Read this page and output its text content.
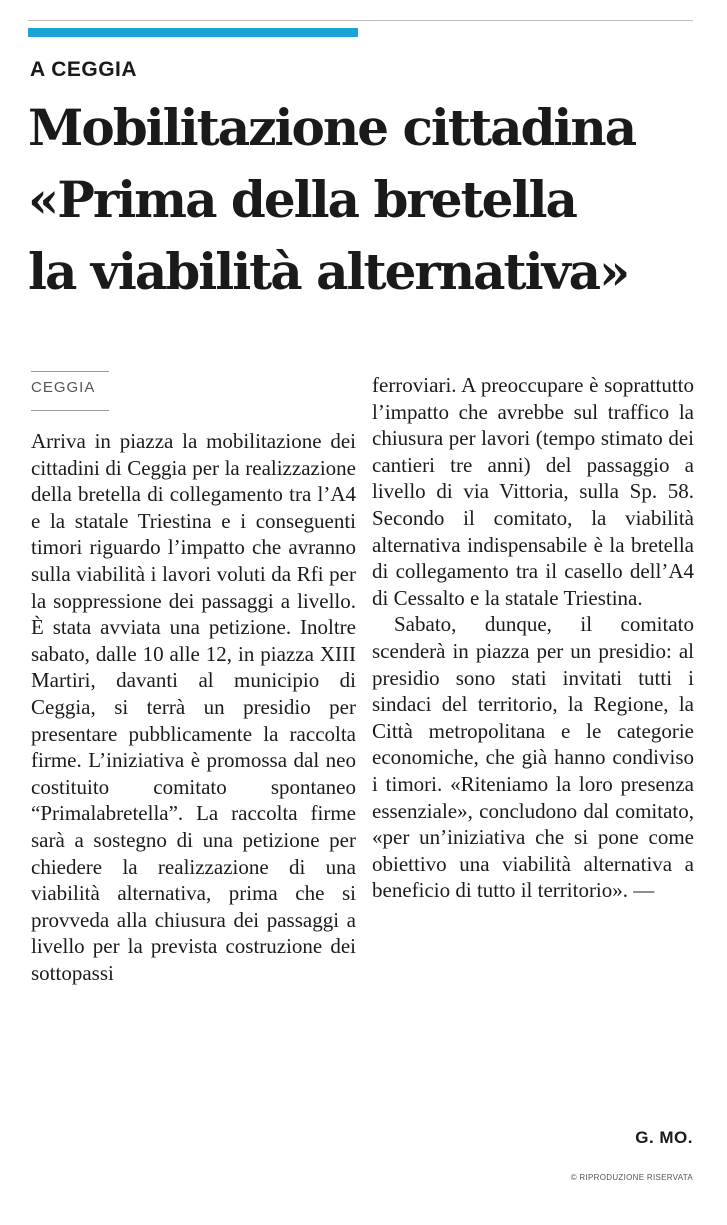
A CEGGIA
Mobilitazione cittadina
«Prima della bretella
la viabilità alternativa»
CEGGIA

Arriva in piazza la mobilitazione dei cittadini di Ceggia per la realizzazione della bretella di collegamento tra l’A4 e la statale Triestina e i conseguenti timori riguardo l’impatto che avranno sulla viabilità i lavori voluti da Rfi per la soppressione dei passaggi a livello. È stata avviata una petizione. Inoltre sabato, dalle 10 alle 12, in piazza XIII Martiri, davanti al municipio di Ceggia, si terrà un presidio per presentare pubblicamente la raccolta firme. L’iniziativa è promossa dal neo costituito comitato spontaneo “Primalabretella”. La raccolta firme sarà a sostegno di una petizione per chiedere la realizzazione di una viabilità alternativa, prima che si provveda alla chiusura dei passaggi a livello per la prevista costruzione dei sottopassi

ferroviari. A preoccupare è soprattutto l’impatto che avrebbe sul traffico la chiusura per lavori (tempo stimato dei cantieri tre anni) del passaggio a livello di via Vittoria, sulla Sp. 58. Secondo il comitato, la viabilità alternativa indispensabile è la bretella di collegamento tra il casello dell’A4 di Cessalto e la statale Triestina.

Sabato, dunque, il comitato scenderà in piazza per un presidio: al presidio sono stati invitati tutti i sindaci del territorio, la Regione, la Città metropolitana e le categorie economiche, che già hanno condiviso i timori. «Riteniamo la loro presenza essenziale», concludono dal comitato, «per un’iniziativa che si pone come obiettivo una viabilità alternativa a beneficio di tutto il territorio». —

G. MO.
© RIPRODUZIONE RISERVATA
